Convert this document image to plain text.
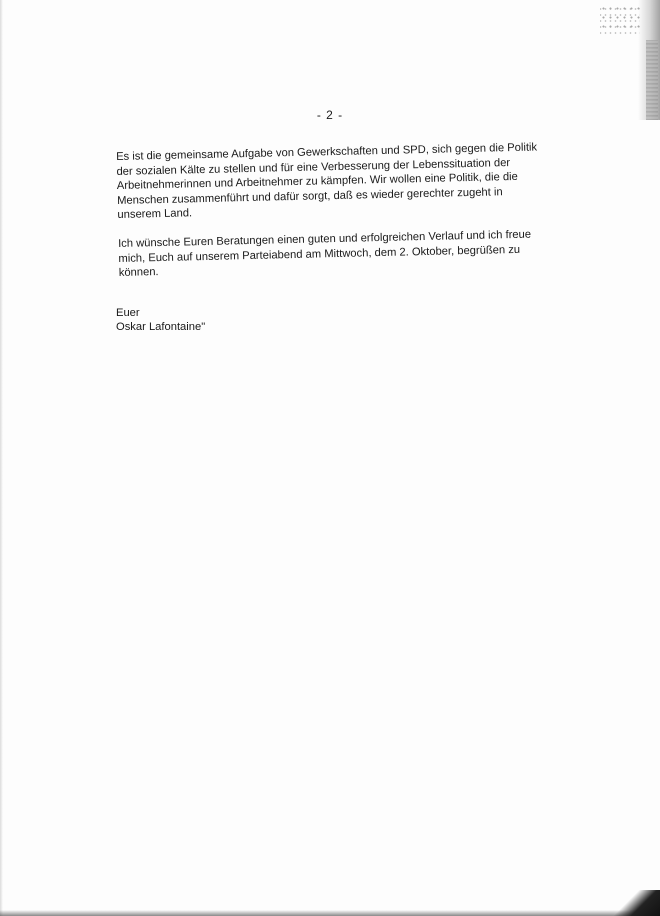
- 2 -

Es ist die gemeinsame Aufgabe von Gewerkschaften und SPD, sich gegen die Politik der sozialen Kälte zu stellen und für eine Verbesserung der Lebenssituation der Arbeitnehmerinnen und Arbeitnehmer zu kämpfen. Wir wollen eine Politik, die die Menschen zusammenführt und dafür sorgt, daß es wieder gerechter zugeht in unserem Land.

Ich wünsche Euren Beratungen einen guten und erfolgreichen Verlauf und ich freue mich, Euch auf unserem Parteiabend am Mittwoch, dem 2. Oktober, begrüßen zu können.

Euer
Oskar Lafontaine"
